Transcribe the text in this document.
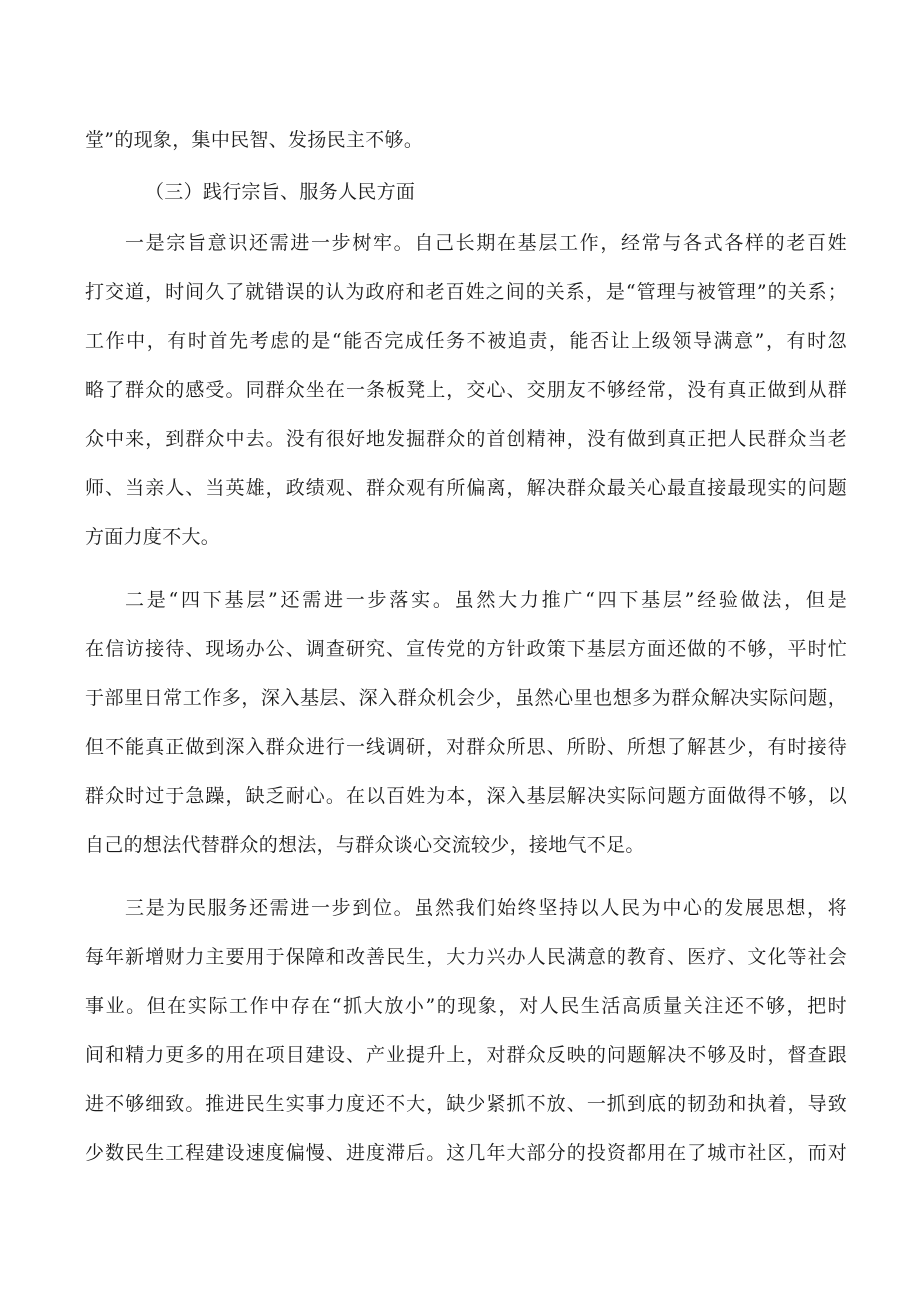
堂”的现象，集中民智、发扬民主不够。
（三）践行宗旨、服务人民方面
一是宗旨意识还需进一步树牢。自己长期在基层工作，经常与各式各样的老百姓
打交道，时间久了就错误的认为政府和老百姓之间的关系，是“管理与被管理”的关系；
工作中，有时首先考虑的是“能否完成任务不被追责，能否让上级领导满意”，有时忽
略了群众的感受。同群众坐在一条板凳上，交心、交朋友不够经常，没有真正做到从群
众中来，到群众中去。没有很好地发掘群众的首创精神，没有做到真正把人民群众当老
师、当亲人、当英雄，政绩观、群众观有所偏离，解决群众最关心最直接最现实的问题
方面力度不大。
二是“四下基层”还需进一步落实。虽然大力推广“四下基层”经验做法，但是
在信访接待、现场办公、调查研究、宣传党的方针政策下基层方面还做的不够，平时忙
于部里日常工作多，深入基层、深入群众机会少，虽然心里也想多为群众解决实际问题，
但不能真正做到深入群众进行一线调研，对群众所思、所盼、所想了解甚少，有时接待
群众时过于急躁，缺乏耐心。在以百姓为本，深入基层解决实际问题方面做得不够，以
自己的想法代替群众的想法，与群众谈心交流较少，接地气不足。
三是为民服务还需进一步到位。虽然我们始终坚持以人民为中心的发展思想，将
每年新增财力主要用于保障和改善民生，大力兴办人民满意的教育、医疗、文化等社会
事业。但在实际工作中存在“抓大放小”的现象，对人民生活高质量关注还不够，把时
间和精力更多的用在项目建设、产业提升上，对群众反映的问题解决不够及时，督查跟
进不够细致。推进民生实事力度还不大，缺少紧抓不放、一抓到底的韧劲和执着，导致
少数民生工程建设速度偏慢、进度滞后。这几年大部分的投资都用在了城市社区，而对
